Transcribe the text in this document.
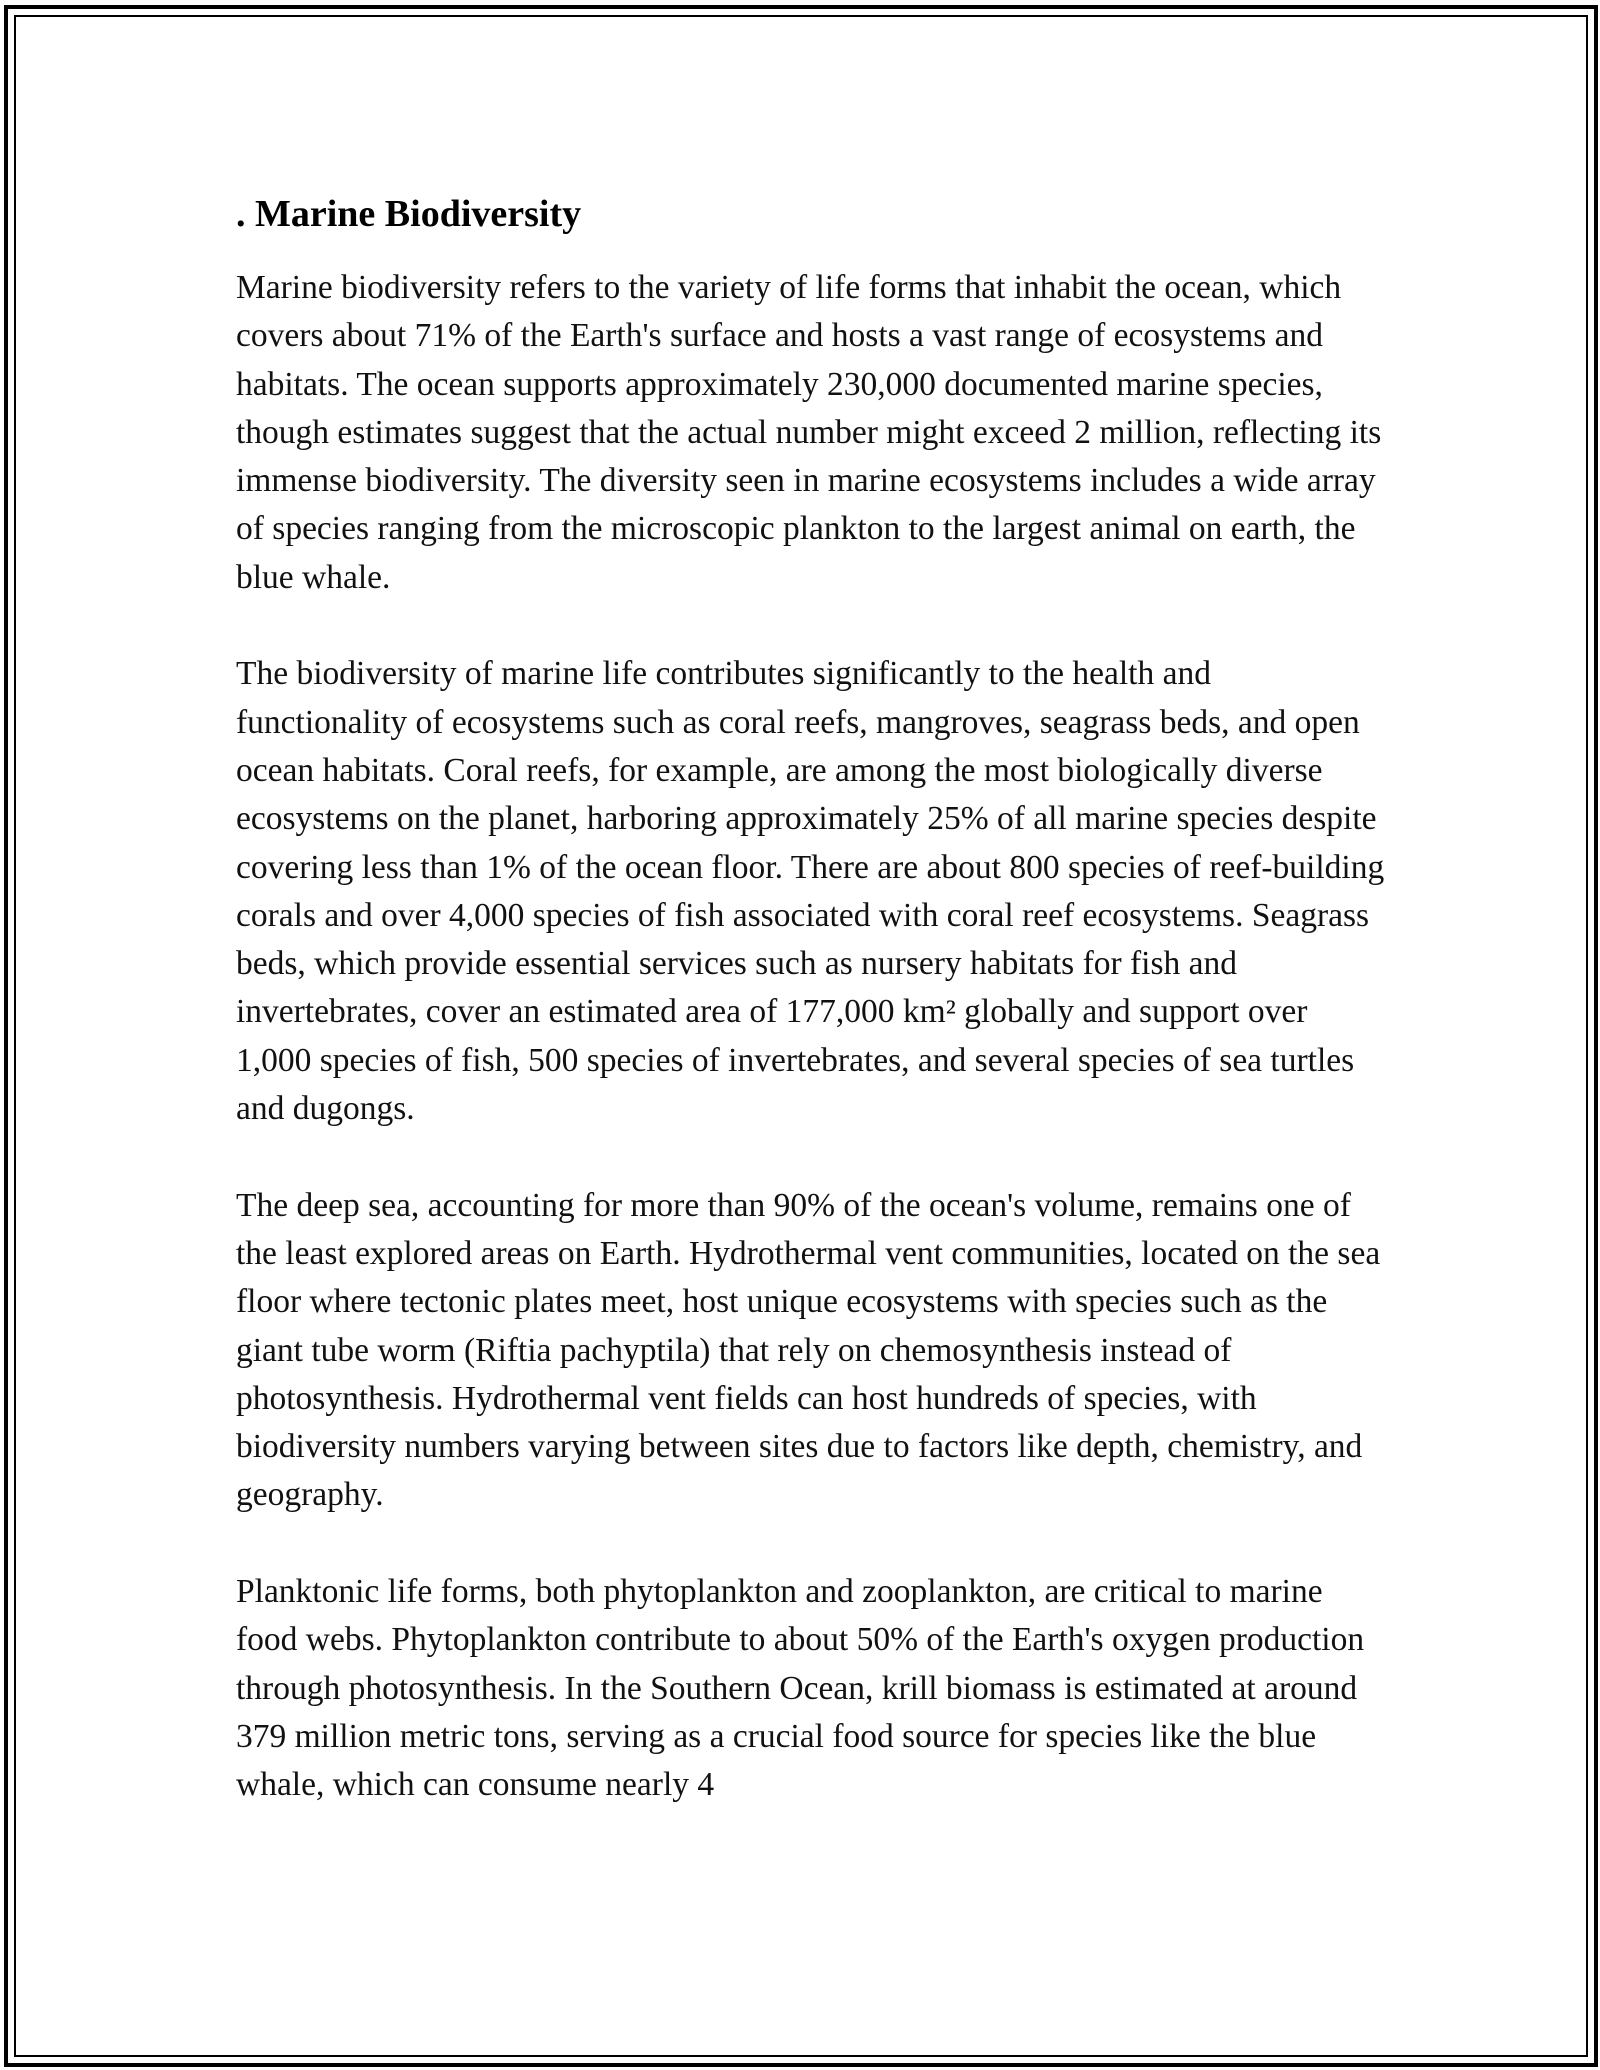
. Marine Biodiversity

Marine biodiversity refers to the variety of life forms that inhabit the ocean, which covers about 71% of the Earth's surface and hosts a vast range of ecosystems and habitats. The ocean supports approximately 230,000 documented marine species, though estimates suggest that the actual number might exceed 2 million, reflecting its immense biodiversity. The diversity seen in marine ecosystems includes a wide array of species ranging from the microscopic plankton to the largest animal on earth, the blue whale.

The biodiversity of marine life contributes significantly to the health and functionality of ecosystems such as coral reefs, mangroves, seagrass beds, and open ocean habitats. Coral reefs, for example, are among the most biologically diverse ecosystems on the planet, harboring approximately 25% of all marine species despite covering less than 1% of the ocean floor. There are about 800 species of reef-building corals and over 4,000 species of fish associated with coral reef ecosystems. Seagrass beds, which provide essential services such as nursery habitats for fish and invertebrates, cover an estimated area of 177,000 km² globally and support over 1,000 species of fish, 500 species of invertebrates, and several species of sea turtles and dugongs.

The deep sea, accounting for more than 90% of the ocean's volume, remains one of the least explored areas on Earth. Hydrothermal vent communities, located on the sea floor where tectonic plates meet, host unique ecosystems with species such as the giant tube worm (Riftia pachyptila) that rely on chemosynthesis instead of photosynthesis. Hydrothermal vent fields can host hundreds of species, with biodiversity numbers varying between sites due to factors like depth, chemistry, and geography.

Planktonic life forms, both phytoplankton and zooplankton, are critical to marine food webs. Phytoplankton contribute to about 50% of the Earth's oxygen production through photosynthesis. In the Southern Ocean, krill biomass is estimated at around 379 million metric tons, serving as a crucial food source for species like the blue whale, which can consume nearly 4
